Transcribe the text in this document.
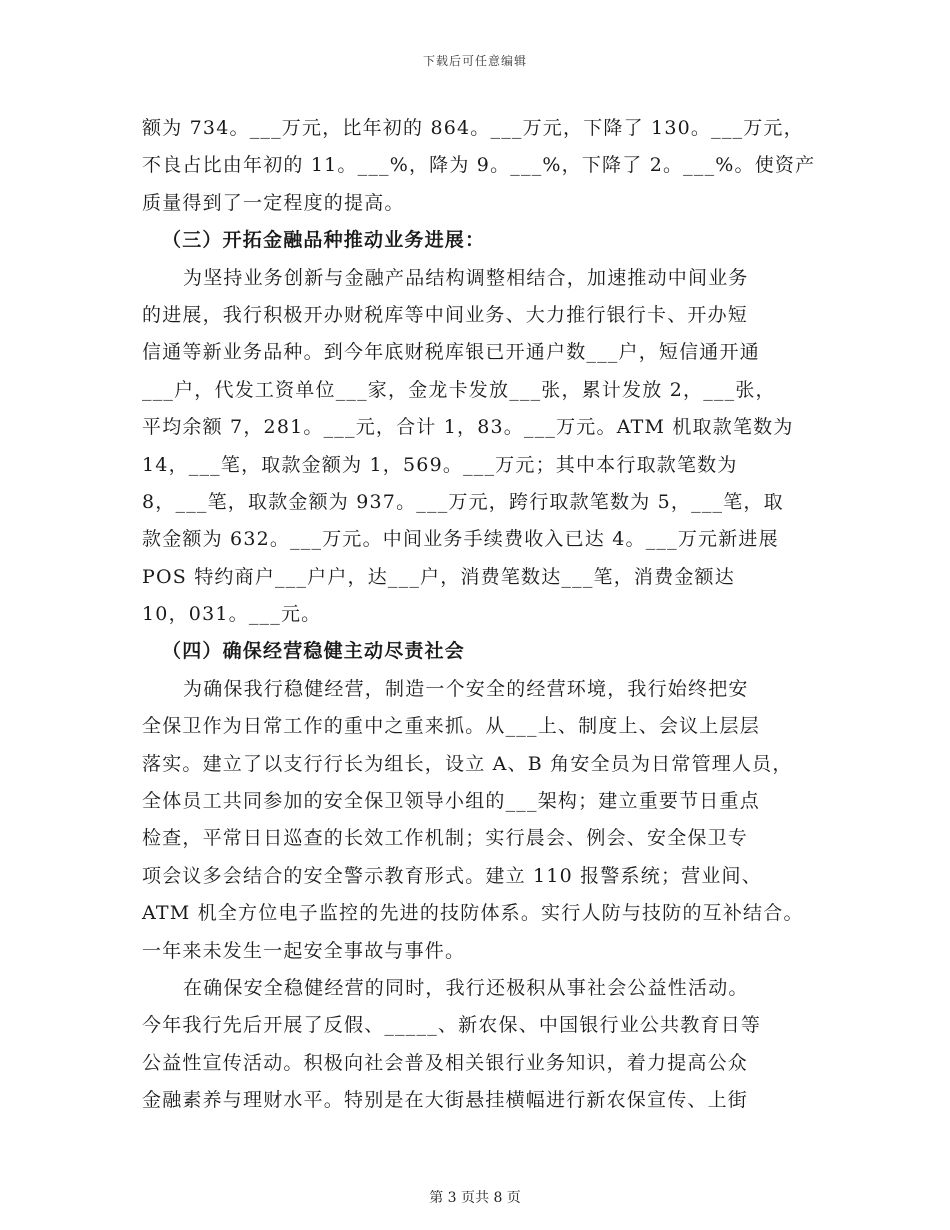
下载后可任意编辑
额为 734。___万元，比年初的 864。___万元，下降了 130。___万元，
不良占比由年初的 11。___%，降为 9。___%，下降了 2。___%。使资产
质量得到了一定程度的提高。
（三）开拓金融品种推动业务进展：
为坚持业务创新与金融产品结构调整相结合，加速推动中间业务
的进展，我行积极开办财税库等中间业务、大力推行银行卡、开办短
信通等新业务品种。到今年底财税库银已开通户数___户，短信通开通
___户，代发工资单位___家，金龙卡发放___张，累计发放 2，___张，
平均余额 7，281。___元，合计 1，83。___万元。ATM 机取款笔数为
14，___笔，取款金额为 1，569。___万元；其中本行取款笔数为
8，___笔，取款金额为 937。___万元，跨行取款笔数为 5，___笔，取
款金额为 632。___万元。中间业务手续费收入已达 4。___万元新进展
POS 特约商户___户户，达___户，消费笔数达___笔，消费金额达
10，031。___元。
（四）确保经营稳健主动尽责社会
为确保我行稳健经营，制造一个安全的经营环境，我行始终把安
全保卫作为日常工作的重中之重来抓。从___上、制度上、会议上层层
落实。建立了以支行行长为组长，设立 A、B 角安全员为日常管理人员，
全体员工共同参加的安全保卫领导小组的___架构；建立重要节日重点
检查，平常日日巡查的长效工作机制；实行晨会、例会、安全保卫专
项会议多会结合的安全警示教育形式。建立 110 报警系统；营业间、
ATM 机全方位电子监控的先进的技防体系。实行人防与技防的互补结合。
一年来未发生一起安全事故与事件。
在确保安全稳健经营的同时，我行还极积从事社会公益性活动。
今年我行先后开展了反假、_____、新农保、中国银行业公共教育日等
公益性宣传活动。积极向社会普及相关银行业务知识，着力提高公众
金融素养与理财水平。特别是在大街悬挂横幅进行新农保宣传、上街
第 3 页共 8 页
